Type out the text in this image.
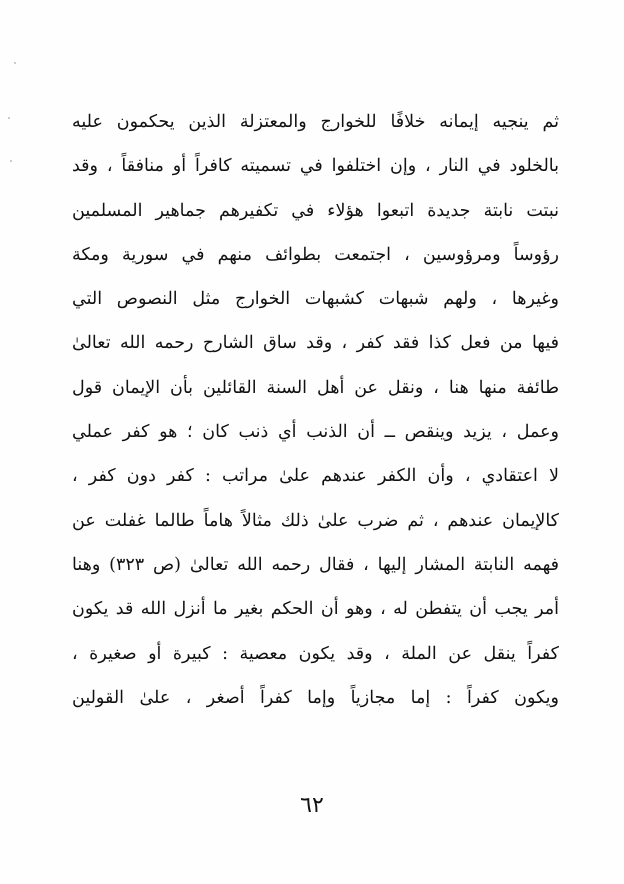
ثم ينجيه إيمانه خلافًا للخوارج والمعتزلة الذين يحكمون عليه
بالخلود في النار ، وإن اختلفوا في تسميته كافراً أو منافقاً ، وقد
نبتت نابتة جديدة اتبعوا هؤلاء في تكفيرهم جماهير المسلمين
رؤوساً ومرؤوسين ، اجتمعت بطوائف منهم في سورية ومكة
وغيرها ، ولهم شبهات كشبهات الخوارج مثل النصوص التي
فيها من فعل كذا فقد كفر ، وقد ساق الشارح رحمه الله تعالىٰ
طائفة منها هنا ، ونقل عن أهل السنة القائلين بأن الإيمان قول
وعمل ، يزيد وينقص ــ أن الذنب أي ذنب كان ؛ هو كفر عملي
لا اعتقادي ، وأن الكفر عندهم علىٰ مراتب : كفر دون كفر ،
كالإيمان عندهم ، ثم ضرب علىٰ ذلك مثالاً هاماً طالما غفلت عن
فهمه النابتة المشار إليها ، فقال رحمه الله تعالىٰ (ص ٣٢٣) وهنا
أمر يجب أن يتفطن له ، وهو أن الحكم بغير ما أنزل الله قد يكون
كفراً ينقل عن الملة ، وقد يكون معصية : كبيرة أو صغيرة ،
ويكون كفراً : إما مجازياً وإما كفراً أصغر ، علىٰ القولين
٦٢
